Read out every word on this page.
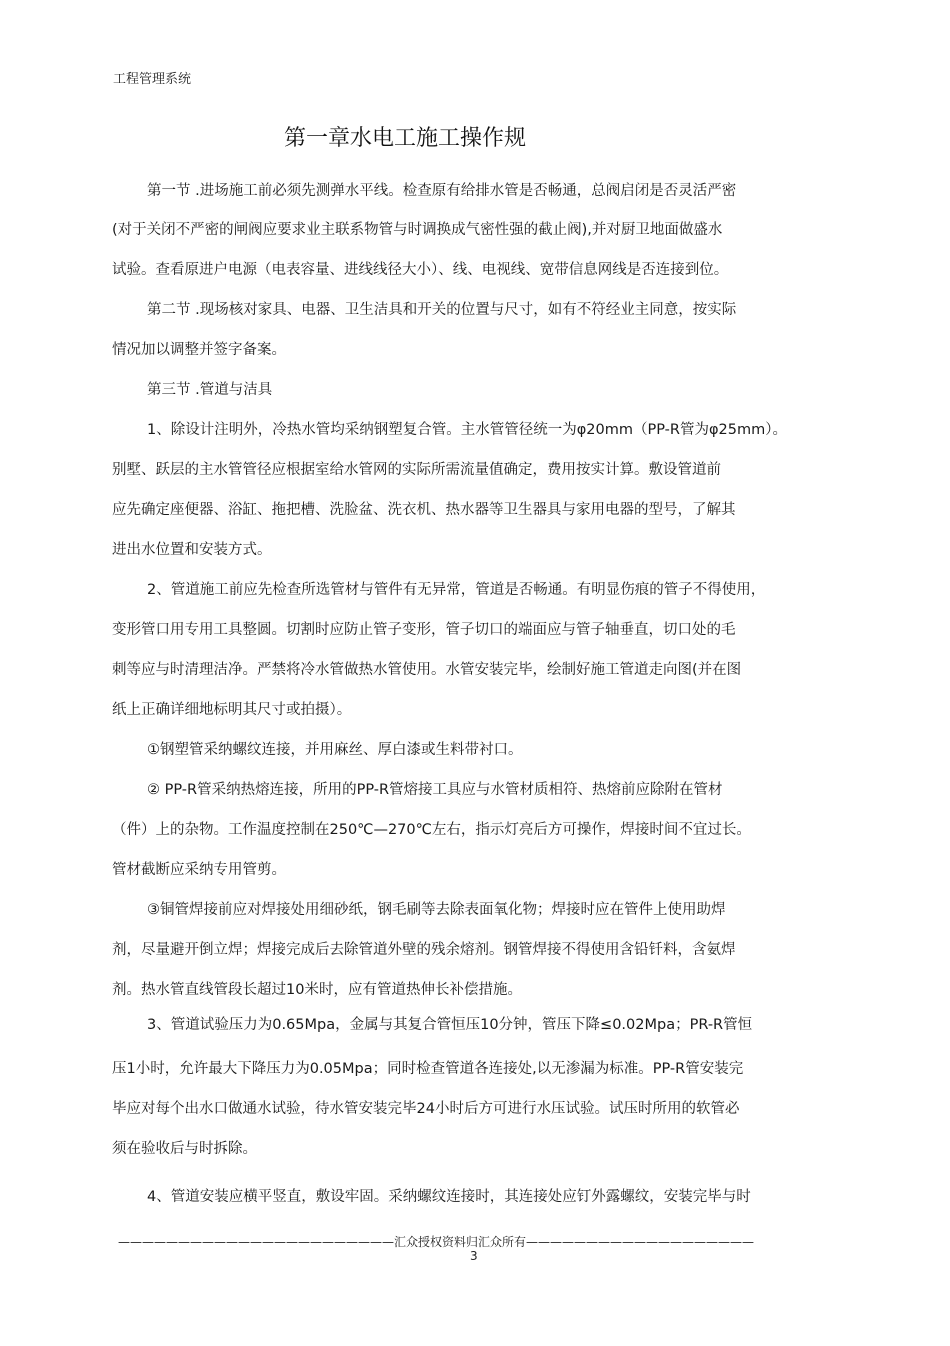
工程管理系统
第一章水电工施工操作规
第一节 .进场施工前必须先测弹水平线。检查原有给排水管是否畅通，总阀启闭是否灵活严密
(对于关闭不严密的闸阀应要求业主联系物管与时调换成气密性强的截止阀),并对厨卫地面做盛水
试验。查看原进户电源（电表容量、进线线径大小）、线、电视线、宽带信息网线是否连接到位。
第二节 .现场核对家具、电器、卫生洁具和开关的位置与尺寸，如有不符经业主同意，按实际
情况加以调整并签字备案。
第三节 .管道与洁具
1、除设计注明外，冷热水管均采纳钢塑复合管。主水管管径统一为φ20mm（PP-R管为φ25mm）。
别墅、跃层的主水管管径应根据室给水管网的实际所需流量值确定，费用按实计算。敷设管道前
应先确定座便器、浴缸、拖把槽、洗脸盆、洗衣机、热水器等卫生器具与家用电器的型号，了解其
进出水位置和安装方式。
2、管道施工前应先检查所选管材与管件有无异常，管道是否畅通。有明显伤痕的管子不得使用，
变形管口用专用工具整圆。切割时应防止管子变形，管子切口的端面应与管子轴垂直，切口处的毛
刺等应与时清理洁净。严禁将冷水管做热水管使用。水管安装完毕，绘制好施工管道走向图(并在图
纸上正确详细地标明其尺寸或拍摄）。
①钢塑管采纳螺纹连接，并用麻丝、厚白漆或生料带衬口。
② PP-R管采纳热熔连接，所用的PP-R管熔接工具应与水管材质相符、热熔前应除附在管材
（件）上的杂物。工作温度控制在250℃—270℃左右，指示灯亮后方可操作，焊接时间不宜过长。
管材截断应采纳专用管剪。
③铜管焊接前应对焊接处用细砂纸，钢毛刷等去除表面氧化物；焊接时应在管件上使用助焊
剂，尽量避开倒立焊；焊接完成后去除管道外壁的残余熔剂。钢管焊接不得使用含铅钎料，含氨焊
剂。热水管直线管段长超过10米时，应有管道热伸长补偿措施。
3、管道试验压力为0.65Mpa，金属与其复合管恒压10分钟，管压下降≤0.02Mpa；PR-R管恒
压1小时，允许最大下降压力为0.05Mpa；同时检查管道各连接处,以无渗漏为标准。PP-R管安装完
毕应对每个出水口做通水试验，待水管安装完毕24小时后方可进行水压试验。试压时所用的软管必
须在验收后与时拆除。
4、管道安装应横平竖直，敷设牢固。采纳螺纹连接时，其连接处应钉外露螺纹，安装完毕与时
———————————————————————汇众授权资料归汇众所有———————————————————
3
